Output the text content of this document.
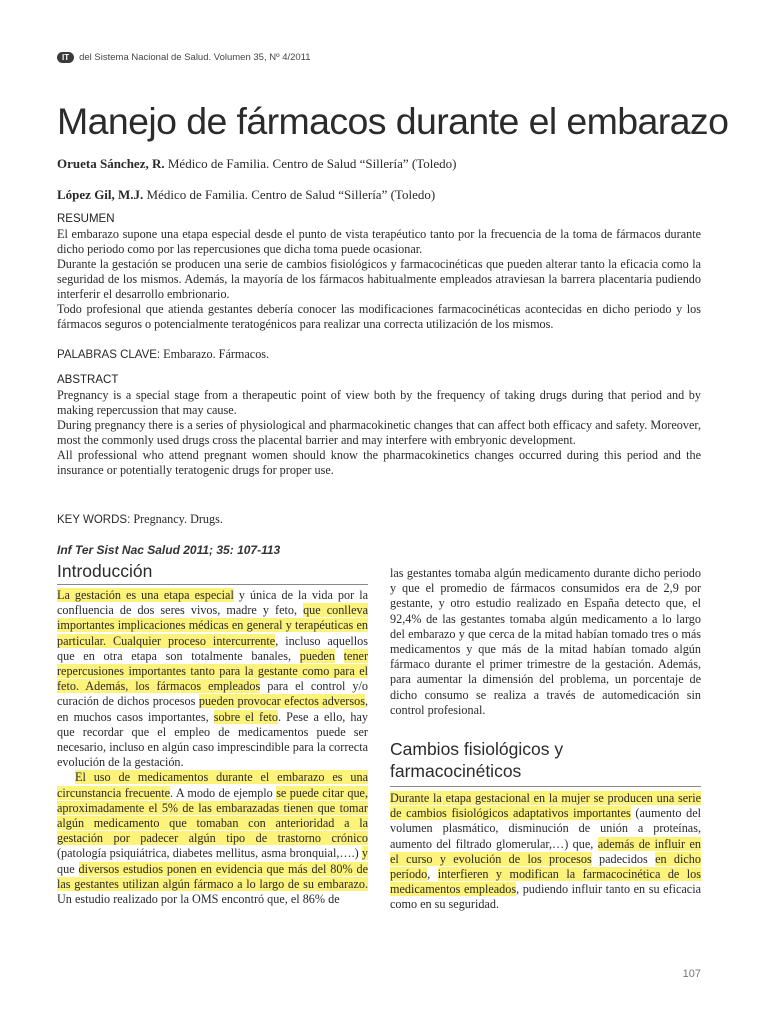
IT	del Sistema Nacional de Salud. Volumen 35, Nº 4/2011
Manejo de fármacos durante el embarazo
Orueta Sánchez, R. Médico de Familia. Centro de Salud “Sillería” (Toledo)
López Gil, M.J. Médico de Familia. Centro de Salud “Sillería” (Toledo)
RESUMEN

El embarazo supone una etapa especial desde el punto de vista terapéutico tanto por la frecuencia de la toma de fármacos durante dicho periodo como por las repercusiones que dicha toma puede ocasionar.

Durante la gestación se producen una serie de cambios fisiológicos y farmacocinéticas que pueden alterar tanto la eficacia como la seguridad de los mismos. Además, la mayoría de los fármacos habitualmente empleados atraviesan la barrera placentaria pudiendo interferir el desarrollo embrionario.

Todo profesional que atienda gestantes debería conocer las modificaciones farmacocinéticas acontecidas en dicho periodo y los fármacos seguros o potencialmente teratogénicos para realizar una correcta utilización de los mismos.

PALABRAS CLAVE: Embarazo. Fármacos.
ABSTRACT

Pregnancy is a special stage from a therapeutic point of view both by the frequency of taking drugs during that period and by making repercussion that may cause.

During pregnancy there is a series of physiological and pharmacokinetic changes that can affect both efficacy and safety. Moreover, most the commonly used drugs cross the placental barrier and may interfere with embryonic development.

All professional who attend pregnant women should know the pharmacokinetics changes occurred during this period and the insurance or potentially teratogenic drugs for proper use.

KEY WORDS: Pregnancy. Drugs.
Inf Ter Sist Nac Salud 2011; 35: 107-113
Introducción

La gestación es una etapa especial y única de la vida por la confluencia de dos seres vivos, madre y feto, que conlleva importantes implicaciones médicas en general y terapéuticas en particular. Cualquier proceso intercurrente, incluso aquellos que en otra etapa son totalmente banales, pueden tener repercusiones importantes tanto para la gestante como para el feto. Además, los fármacos empleados para el control y/o curación de dichos procesos pueden provocar efectos adversos, en muchos casos importantes, sobre el feto. Pese a ello, hay que recordar que el empleo de medicamentos puede ser necesario, incluso en algún caso imprescindible para la correcta evolución de la gestación.

El uso de medicamentos durante el embarazo es una circunstancia frecuente. A modo de ejemplo se puede citar que, aproximadamente el 5% de las embarazadas tienen que tomar algún medicamento que tomaban con anterioridad a la gestación por padecer algún tipo de trastorno crónico (patología psiquiátrica, diabetes mellitus, asma bronquial,….) y que diversos estudios ponen en evidencia que más del 80% de las gestantes utilizan algún fármaco a lo largo de su embarazo. Un estudio realizado por la OMS encontró que, el 86% de

las gestantes tomaba algún medicamento durante dicho periodo y que el promedio de fármacos consumidos era de 2,9 por gestante, y otro estudio realizado en España detecto que, el 92,4% de las gestantes tomaba algún medicamento a lo largo del embarazo y que cerca de la mitad habían tomado tres o más medicamentos y que más de la mitad habían tomado algún fármaco durante el primer trimestre de la gestación. Además, para aumentar la dimensión del problema, un porcentaje de dicho consumo se realiza a través de automedicación sin control profesional.

Cambios fisiológicos y
farmacocinéticos

Durante la etapa gestacional en la mujer se producen una serie de cambios fisiológicos adaptativos importantes (aumento del volumen plasmático, disminución de unión a proteínas, aumento del filtrado glomerular,…) que, además de influir en el curso y evolución de los procesos padecidos en dicho período, interfieren y modifican la farmacocinética de los medicamentos empleados, pudiendo influir tanto en su eficacia como en su seguridad.

107
